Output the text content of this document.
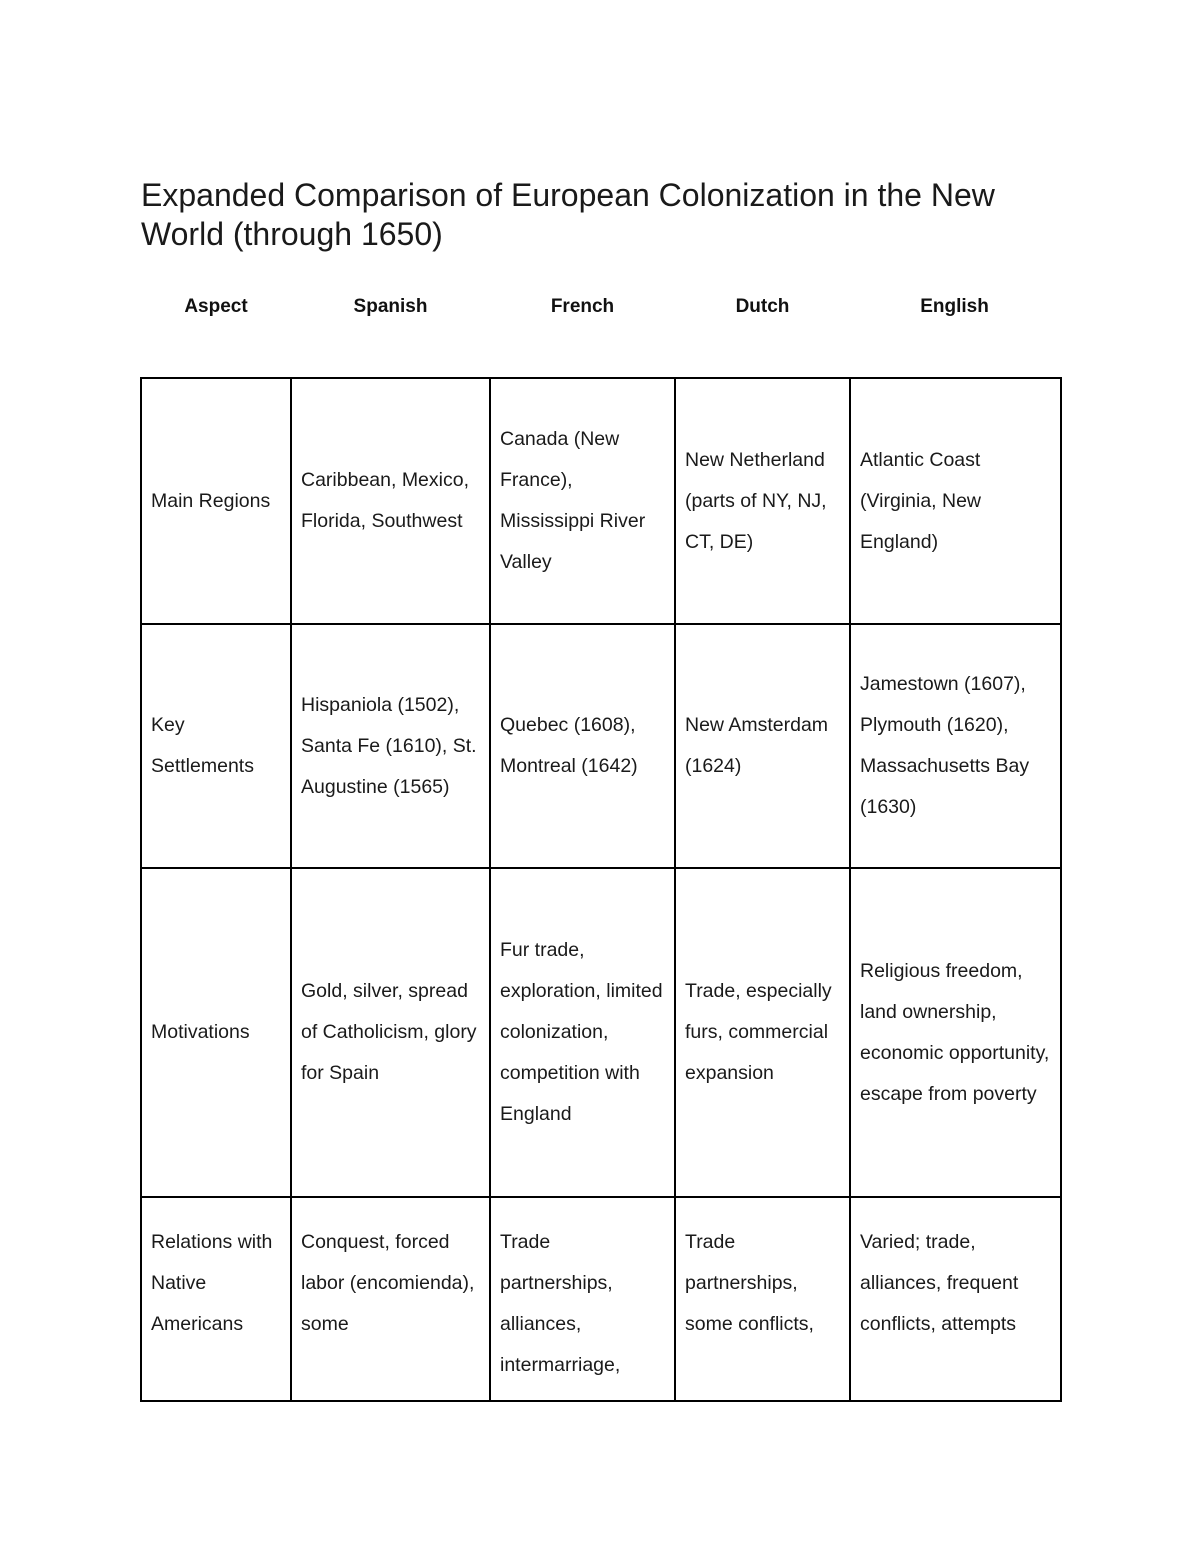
Expanded Comparison of European Colonization in the New World (through 1650)
Aspect	Spanish	French	Dutch	English
Main Regions	Caribbean, Mexico, Florida, Southwest	Canada (New France), Mississippi River Valley	New Netherland (parts of NY, NJ, CT, DE)	Atlantic Coast (Virginia, New England)
Key Settlements	Hispaniola (1502), Santa Fe (1610), St. Augustine (1565)	Quebec (1608), Montreal (1642)	New Amsterdam (1624)	Jamestown (1607), Plymouth (1620), Massachusetts Bay (1630)
Motivations	Gold, silver, spread of Catholicism, glory for Spain	Fur trade, exploration, limited colonization, competition with England	Trade, especially furs, commercial expansion	Religious freedom, land ownership, economic opportunity, escape from poverty
Relations with Native Americans	Conquest, forced labor (encomienda), some	Trade partnerships, alliances, intermarriage,	Trade partnerships, some conflicts,	Varied; trade, alliances, frequent conflicts, attempts
